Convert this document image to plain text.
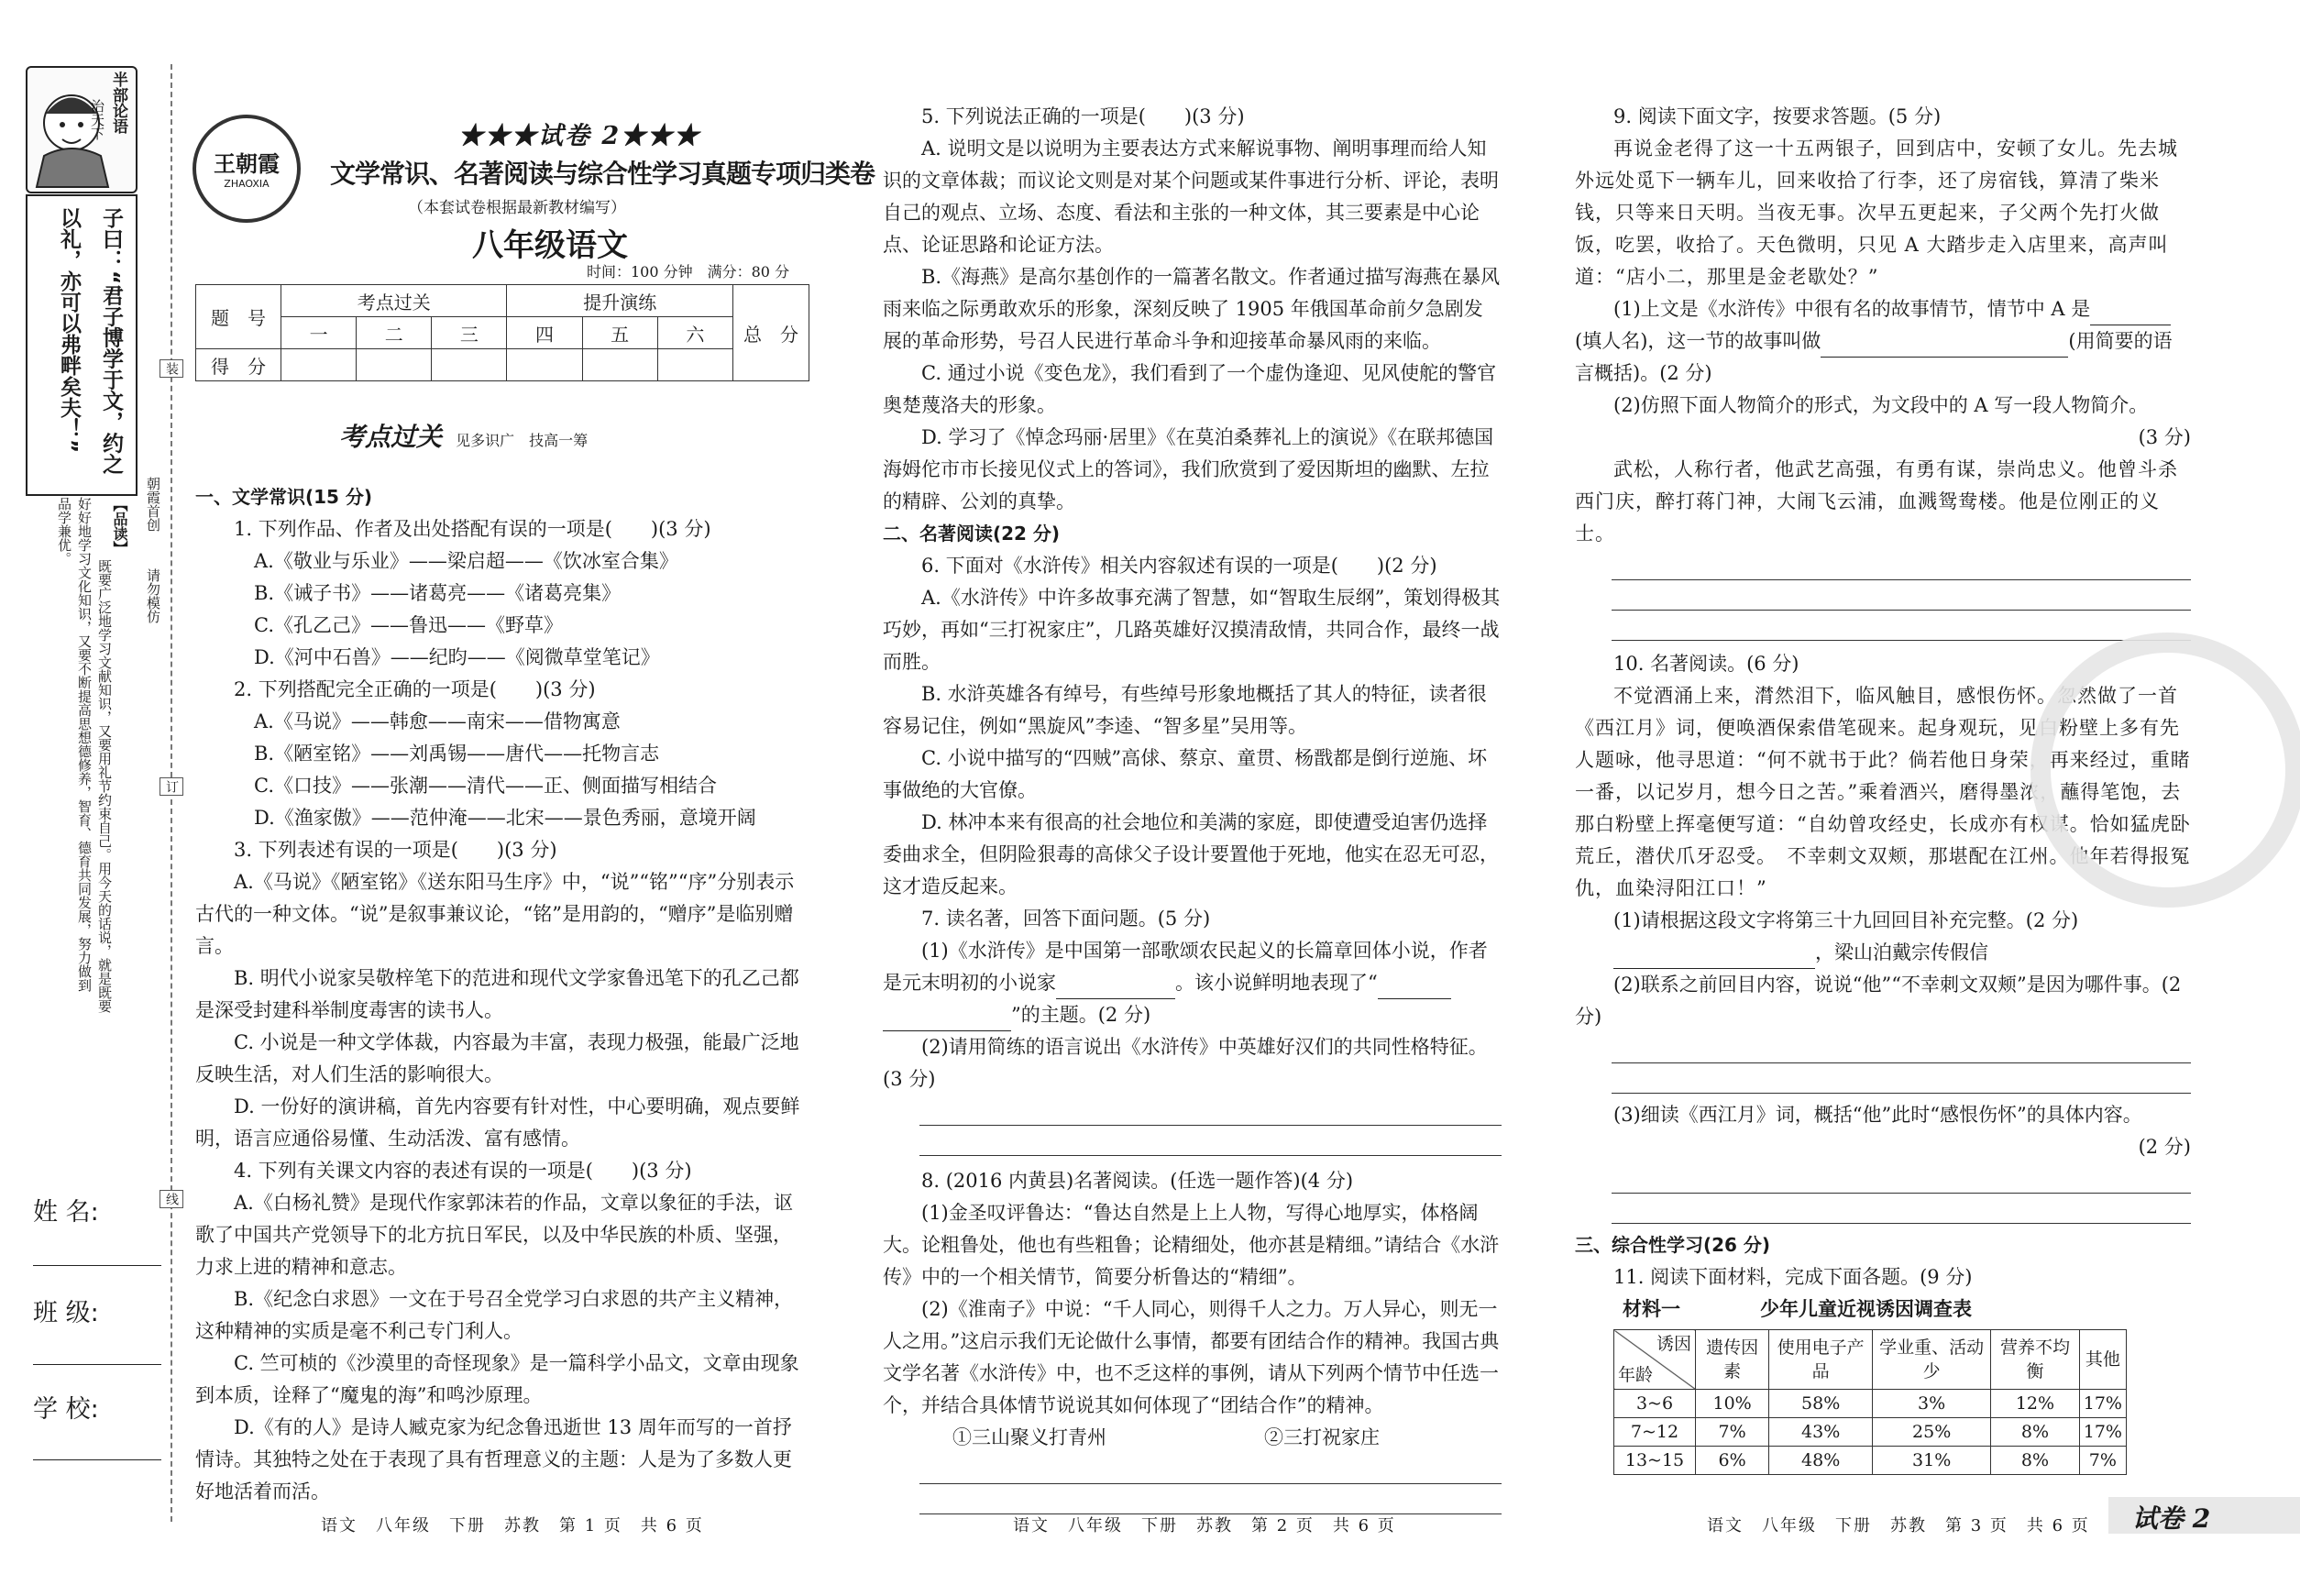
半部论语
治天下
子曰：“君子博学于文，约之
以礼，亦可以弗畔矣夫！”
【品读】
既要广泛地学习文献知识，又要用礼节约束自己。用今天的话说，就是既要
好好地学习文化知识，又要不断提高思想德修养，智育、德育共同发展，努力做到
品学兼优。
姓 名:
班 级:
学 校:
装
订
线
朝霞首创
请勿模仿
王朝霞
ZHAOXIA
★★★试卷 2★★★
文学常识、名著阅读与综合性学习真题专项归类卷
（本套试卷根据最新教材编写）
八年级语文
时间：100 分钟　满分：80 分
题　号	考点过关			提升演练			总　分
	一	二	三	四	五	六	
得　分							
考点过关 见多识广　技高一筹

一、文学常识(15 分)

1. 下列作品、作者及出处搭配有误的一项是(　　)(3 分)

A.《敬业与乐业》——梁启超——《饮冰室合集》

B.《诫子书》——诸葛亮——《诸葛亮集》

C.《孔乙己》——鲁迅——《野草》

D.《河中石兽》——纪昀——《阅微草堂笔记》

2. 下列搭配完全正确的一项是(　　)(3 分)

A.《马说》——韩愈——南宋——借物寓意

B.《陋室铭》——刘禹锡——唐代——托物言志

C.《口技》——张潮——清代——正、侧面描写相结合

D.《渔家傲》——范仲淹——北宋——景色秀丽，意境开阔

3. 下列表述有误的一项是(　　)(3 分)

A.《马说》《陋室铭》《送东阳马生序》中，“说”“铭”“序”分别表示古代的一种文体。“说”是叙事兼议论，“铭”是用韵的，“赠序”是临别赠言。

B. 明代小说家吴敬梓笔下的范进和现代文学家鲁迅笔下的孔乙己都是深受封建科举制度毒害的读书人。

C. 小说是一种文学体裁，内容最为丰富，表现力极强，能最广泛地反映生活，对人们生活的影响很大。

D. 一份好的演讲稿，首先内容要有针对性，中心要明确，观点要鲜明，语言应通俗易懂、生动活泼、富有感情。

4. 下列有关课文内容的表述有误的一项是(　　)(3 分)

A.《白杨礼赞》是现代作家郭沫若的作品，文章以象征的手法，讴歌了中国共产党领导下的北方抗日军民，以及中华民族的朴质、坚强，力求上进的精神和意志。

B.《纪念白求恩》一文在于号召全党学习白求恩的共产主义精神，这种精神的实质是毫不利己专门利人。

C. 竺可桢的《沙漠里的奇怪现象》是一篇科学小品文，文章由现象到本质，诠释了“魔鬼的海”和鸣沙原理。

D.《有的人》是诗人臧克家为纪念鲁迅逝世 13 周年而写的一首抒情诗。其独特之处在于表现了具有哲理意义的主题：人是为了多数人更好地活着而活。

5. 下列说法正确的一项是(　　)(3 分)

A. 说明文是以说明为主要表达方式来解说事物、阐明事理而给人知识的文章体裁；而议论文则是对某个问题或某件事进行分析、评论，表明自己的观点、立场、态度、看法和主张的一种文体，其三要素是中心论点、论证思路和论证方法。

B.《海燕》是高尔基创作的一篇著名散文。作者通过描写海燕在暴风雨来临之际勇敢欢乐的形象，深刻反映了 1905 年俄国革命前夕急剧发展的革命形势，号召人民进行革命斗争和迎接革命暴风雨的来临。

C. 通过小说《变色龙》，我们看到了一个虚伪逢迎、见风使舵的警官奥楚蔑洛夫的形象。

D. 学习了《悼念玛丽·居里》《在莫泊桑葬礼上的演说》《在联邦德国海姆佗市市长接见仪式上的答词》，我们欣赏到了爱因斯坦的幽默、左拉的精辟、公刘的真挚。

二、名著阅读(22 分)

6. 下面对《水浒传》相关内容叙述有误的一项是(　　)(2 分)

A.《水浒传》中许多故事充满了智慧，如“智取生辰纲”，策划得极其巧妙，再如“三打祝家庄”，几路英雄好汉摸清敌情，共同合作，最终一战而胜。

B. 水浒英雄各有绰号，有些绰号形象地概括了其人的特征，读者很容易记住，例如“黑旋风”李逵、“智多星”吴用等。

C. 小说中描写的“四贼”高俅、蔡京、童贯、杨戬都是倒行逆施、坏事做绝的大官僚。

D. 林冲本来有很高的社会地位和美满的家庭，即使遭受迫害仍选择委曲求全，但阴险狠毒的高俅父子设计要置他于死地，他实在忍无可忍，这才造反起来。

7. 读名著，回答下面问题。(5 分)

(1)《水浒传》是中国第一部歌颂农民起义的长篇章回体小说，作者是元末明初的小说家	。该小说鲜明地表现了“

”的主题。(2 分)

(2)请用简练的语言说出《水浒传》中英雄好汉们的共同性格特征。(3 分)

8. (2016 内黄县)名著阅读。(任选一题作答)(4 分)

(1)金圣叹评鲁达：“鲁达自然是上上人物，写得心地厚实，体格阔大。论粗鲁处，他也有些粗鲁；论精细处，他亦甚是精细。”请结合《水浒传》中的一个相关情节，简要分析鲁达的“精细”。

(2)《淮南子》中说：“千人同心，则得千人之力。万人异心，则无一人之用。”这启示我们无论做什么事情，都要有团结合作的精神。我国古典文学名著《水浒传》中，也不乏这样的事例，请从下列两个情节中任选一个，并结合具体情节说说其如何体现了“团结合作”的精神。

①三山聚义打青州	②三打祝家庄

9. 阅读下面文字，按要求答题。(5 分)

再说金老得了这一十五两银子，回到店中，安顿了女儿。先去城外远处觅下一辆车儿，回来收拾了行李，还了房宿钱，算清了柴米钱，只等来日天明。当夜无事。次早五更起来，子父两个先打火做饭，吃罢，收拾了。天色微明，只见 A 大踏步走入店里来，高声叫道：“店小二，那里是金老歇处？”

(1)上文是《水浒传》中很有名的故事情节，情节中 A 是

(填人名)，这一节的故事叫做	(用简要的语言概括)。(2 分)

(2)仿照下面人物简介的形式，为文段中的 A 写一段人物简介。

(3 分)

武松，人称行者，他武艺高强，有勇有谋，崇尚忠义。他曾斗杀西门庆，醉打蒋门神，大闹飞云浦，血溅鸳鸯楼。他是位刚正的义士。

10. 名著阅读。(6 分)

不觉酒涌上来，潸然泪下，临风触目，感恨伤怀。忽然做了一首《西江月》词，便唤酒保索借笔砚来。起身观玩，见白粉壁上多有先人题咏，他寻思道：“何不就书于此？倘若他日身荣，再来经过，重睹一番，以记岁月，想今日之苦。”乘着酒兴，磨得墨浓，蘸得笔饱，去那白粉壁上挥毫便写道：“自幼曾攻经史，长成亦有权谋。恰如猛虎卧荒丘，潜伏爪牙忍受。　不幸刺文双颊，那堪配在江州。他年若得报冤仇，血染浔阳江口！”

(1)请根据这段文字将第三十九回回目补充完整。(2 分)

，梁山泊戴宗传假信

(2)联系之前回目内容，说说“他”“不幸刺文双颊”是因为哪件事。(2 分)

(3)细读《西江月》词，概括“他”此时“感恨伤怀”的具体内容。

(2 分)

三、综合性学习(26 分)

11. 阅读下面材料，完成下面各题。(9 分)

材料一	少年儿童近视诱因调查表

诱因
年龄	遗传因素	使用电子产品	学业重、活动少	营养不均衡	其他
3~6	10%	58%	3%	12%	17%
7~12	7%	43%	25%	8%	17%
13~15	6%	48%	31%	8%	7%
语文　八年级　下册　苏教　第 1 页　共 6 页	语文　八年级　下册　苏教　第 2 页　共 6 页	语文　八年级　下册　苏教　第 3 页　共 6 页 试卷 2
